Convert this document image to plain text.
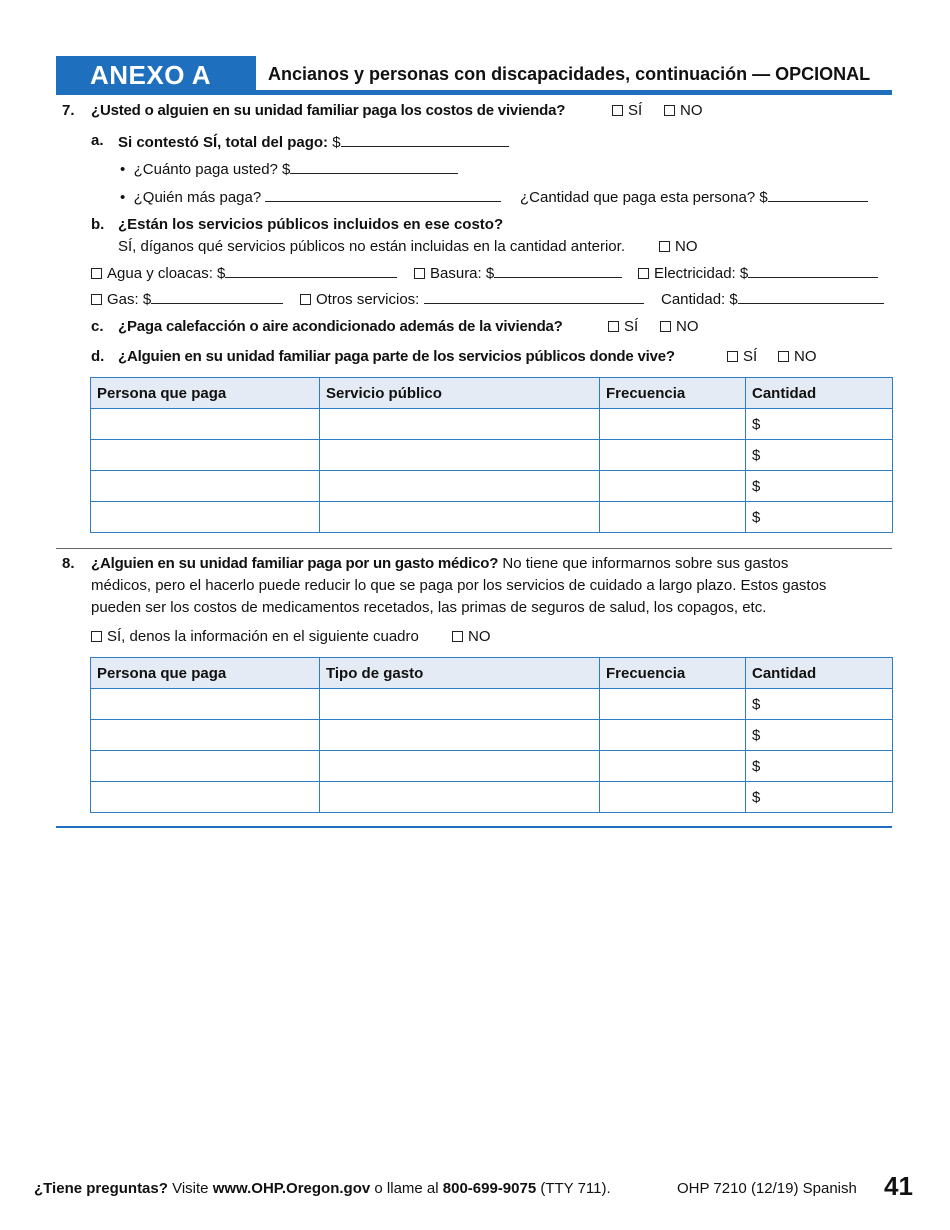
ANEXO A	Ancianos y personas con discapacidades, continuación — OPCIONAL
7. ¿Usted o alguien en su unidad familiar paga los costos de vivienda?	SÍ	NO
a. Si contestó SÍ, total del pago: $
• ¿Cuánto paga usted? $
• ¿Quién más paga?	¿Cantidad que paga esta persona? $
b. ¿Están los servicios públicos incluidos en ese costo?
SÍ, díganos qué servicios públicos no están incluidas en la cantidad anterior.	NO
Agua y cloacas: $	Basura: $	Electricidad: $
Gas: $	Otros servicios:	Cantidad: $
c. ¿Paga calefacción o aire acondicionado además de la vivienda?	SÍ	NO
d. ¿Alguien en su unidad familiar paga parte de los servicios públicos donde vive?	SÍ	NO
Persona que paga	Servicio público	Frecuencia	Cantidad
			$
			$
			$
			$
8. ¿Alguien en su unidad familiar paga por un gasto médico? No tiene que informarnos sobre sus gastos
médicos, pero el hacerlo puede reducir lo que se paga por los servicios de cuidado a largo plazo. Estos gastos
pueden ser los costos de medicamentos recetados, las primas de seguros de salud, los copagos, etc.
SÍ, denos la información en el siguiente cuadro	NO
Persona que paga	Tipo de gasto	Frecuencia	Cantidad
			$
			$
			$
			$
¿Tiene preguntas? Visite www.OHP.Oregon.gov o llame al 800-699-9075 (TTY 711).	OHP 7210 (12/19) Spanish 41
